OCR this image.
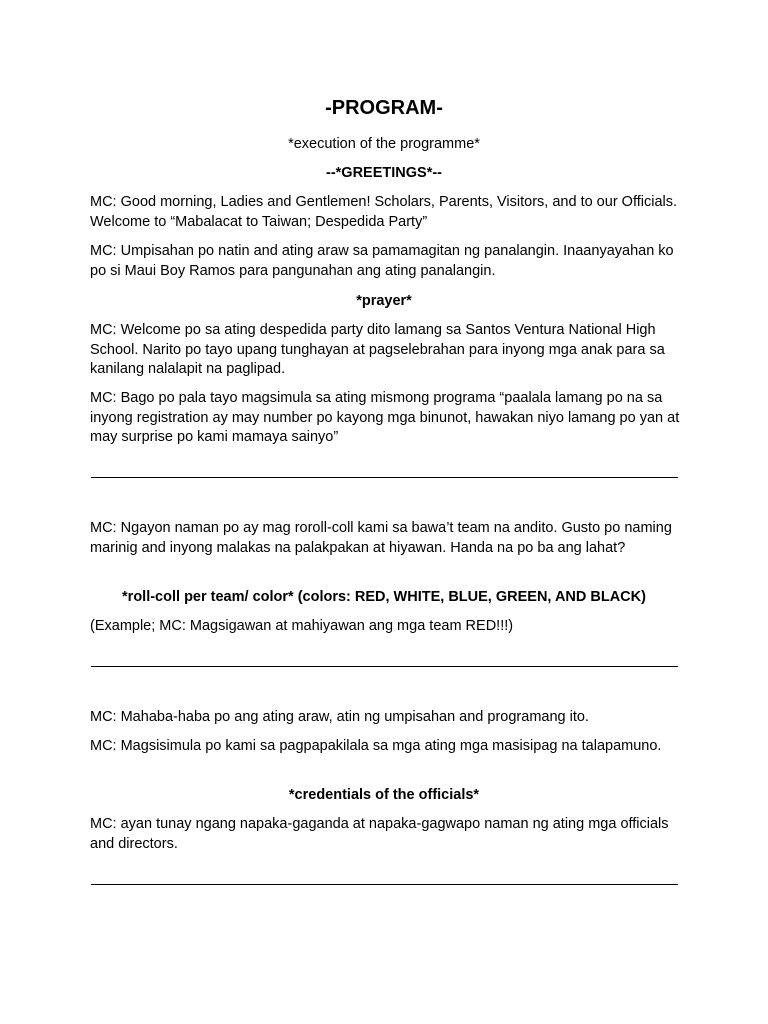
-PROGRAM-

*execution of the programme*

--*GREETINGS*--

MC: Good morning, Ladies and Gentlemen! Scholars, Parents, Visitors, and to our Officials. Welcome to “Mabalacat to Taiwan; Despedida Party”

MC: Umpisahan po natin and ating araw sa pamamagitan ng panalangin. Inaanyayahan ko po si Maui Boy Ramos para pangunahan ang ating panalangin.

*prayer*

MC: Welcome po sa ating despedida party dito lamang sa Santos Ventura National High School. Narito po tayo upang tunghayan at pagselebrahan para inyong mga anak para sa kanilang nalalapit na paglipad.

MC: Bago po pala tayo magsimula sa ating mismong programa “paalala lamang po na sa inyong registration ay may number po kayong mga binunot, hawakan niyo lamang po yan at may surprise po kami mamaya sainyo”

MC: Ngayon naman po ay mag roroll-coll kami sa bawa’t team na andito. Gusto po naming marinig and inyong malakas na palakpakan at hiyawan. Handa na po ba ang lahat?

*roll-coll per team/ color* (colors: RED, WHITE, BLUE, GREEN, AND BLACK)

(Example; MC: Magsigawan at mahiyawan ang mga team RED!!!)

MC: Mahaba-haba po ang ating araw, atin ng umpisahan and programang ito.

MC: Magsisimula po kami sa pagpapakilala sa mga ating mga masisipag na talapamuno.

*credentials of the officials*

MC: ayan tunay ngang napaka-gaganda at napaka-gagwapo naman ng ating mga officials and directors.
